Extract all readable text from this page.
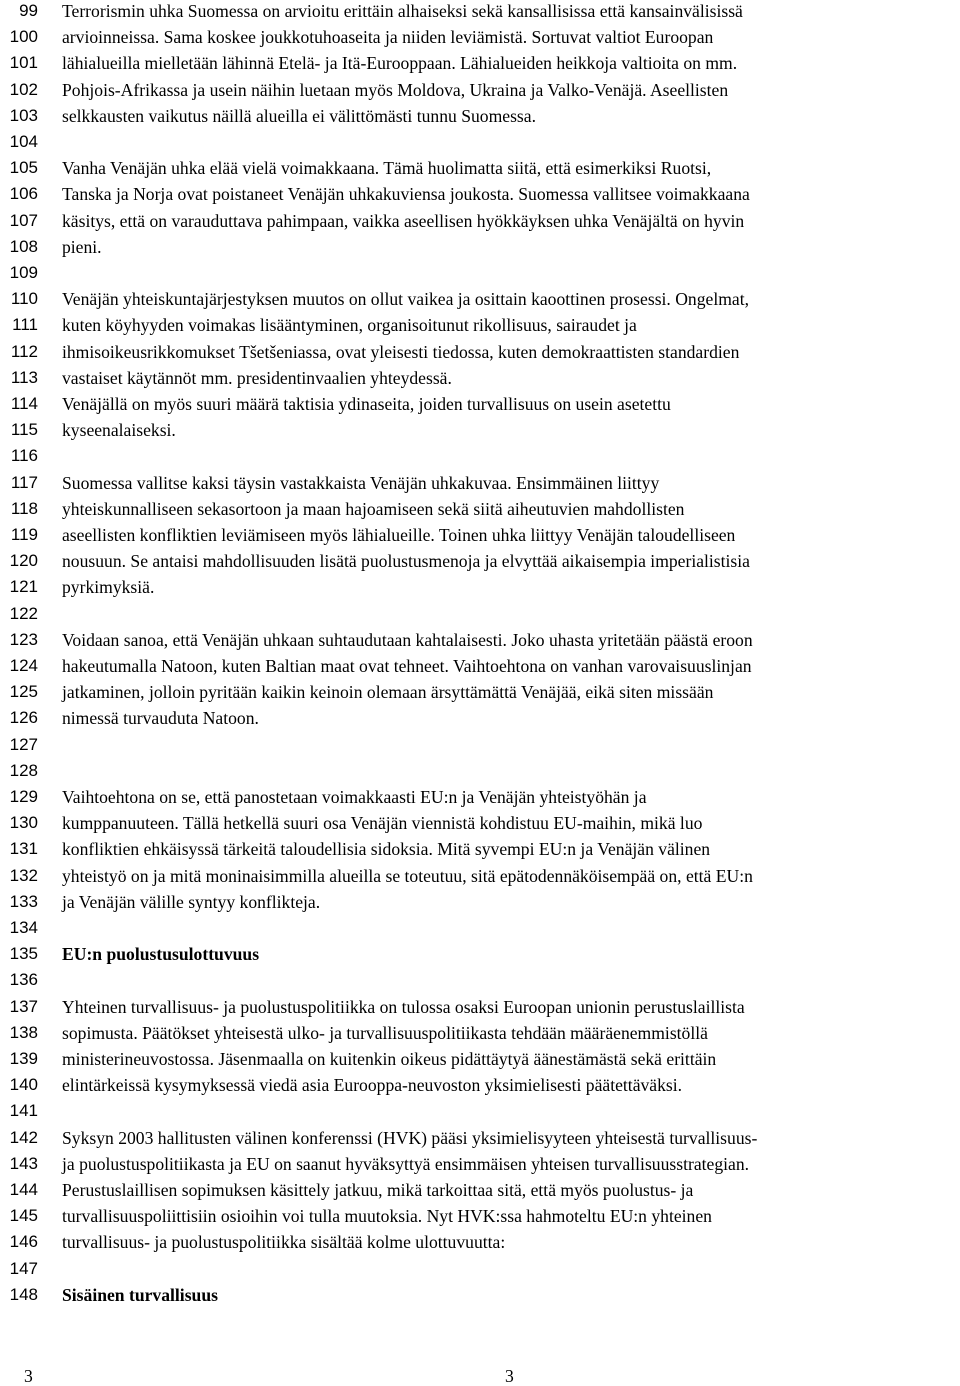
99
100
101
102
103
104
105
106
107
108
109
110
111
112
113
114
115
116
117
118
119
120
121
122
123
124
125
126
127
128
129
130
131
132
133
134
135
136
137
138
139
140
141
142
143
144
145
146
147
148
Terrorismin uhka Suomessa on arvioitu erittäin alhaiseksi sekä kansallisissa että kansainvälisissä
arvioinneissa. Sama koskee joukkotuhoaseita ja niiden leviämistä. Sortuvat valtiot Euroopan
lähialueilla mielletään lähinnä Etelä- ja Itä-Eurooppaan. Lähialueiden heikkoja valtioita on mm.
Pohjois-Afrikassa ja usein näihin luetaan myös Moldova, Ukraina ja Valko-Venäjä. Aseellisten
selkkausten vaikutus näillä alueilla ei välittömästi tunnu Suomessa.
Vanha Venäjän uhka elää vielä voimakkaana. Tämä huolimatta siitä, että esimerkiksi Ruotsi,
Tanska ja Norja ovat poistaneet Venäjän uhkakuviensa joukosta. Suomessa vallitsee voimakkaana
käsitys, että on varauduttava pahimpaan, vaikka aseellisen hyökkäyksen uhka Venäjältä on hyvin
pieni.
Venäjän yhteiskuntajärjestyksen muutos on ollut vaikea ja osittain kaoottinen prosessi. Ongelmat,
kuten köyhyyden voimakas lisääntyminen, organisoitunut rikollisuus, sairaudet ja
ihmisoikeusrikkomukset Tšetšeniassa, ovat yleisesti tiedossa, kuten demokraattisten standardien
vastaiset käytännöt mm. presidentinvaalien yhteydessä.
Venäjällä on myös suuri määrä taktisia ydinaseita, joiden turvallisuus on usein asetettu
kyseenalaiseksi.
Suomessa vallitse kaksi täysin vastakkaista Venäjän uhkakuvaa. Ensimmäinen liittyy
yhteiskunnalliseen sekasortoon ja maan hajoamiseen sekä siitä aiheutuvien mahdollisten
aseellisten konfliktien leviämiseen myös lähialueille. Toinen uhka liittyy Venäjän taloudelliseen
nousuun. Se antaisi mahdollisuuden lisätä puolustusmenoja ja elvyttää aikaisempia imperialistisia
pyrkimyksiä.
Voidaan sanoa, että Venäjän uhkaan suhtaudutaan kahtalaisesti. Joko uhasta yritetään päästä eroon
hakeutumalla Natoon, kuten Baltian maat ovat tehneet. Vaihtoehtona on vanhan varovaisuuslinjan
jatkaminen, jolloin pyritään kaikin keinoin olemaan ärsyttämättä Venäjää, eikä siten missään
nimessä turvauduta Natoon.
Vaihtoehtona on se, että panostetaan voimakkaasti EU:n ja Venäjän yhteistyöhän ja
kumppanuuteen. Tällä hetkellä suuri osa Venäjän viennistä kohdistuu EU-maihin, mikä luo
konfliktien ehkäisyssä tärkeitä taloudellisia sidoksia. Mitä syvempi EU:n ja Venäjän välinen
yhteistyö on ja mitä moninaisimmilla alueilla se toteutuu, sitä epätodennäköisempää on, että EU:n
ja Venäjän välille syntyy konflikteja.
EU:n puolustusulottuvuus
Yhteinen turvallisuus- ja puolustuspolitiikka on tulossa osaksi Euroopan unionin perustuslaillista
sopimusta. Päätökset yhteisestä ulko- ja turvallisuuspolitiikasta tehdään määräenemmistöllä
ministerineuvostossa. Jäsenmaalla on kuitenkin oikeus pidättäytyä äänestämästä sekä erittäin
elintärkeissä kysymyksessä viedä asia Eurooppa-neuvoston yksimielisesti päätettäväksi.
Syksyn 2003 hallitusten välinen konferenssi (HVK) pääsi yksimielisyyteen yhteisestä turvallisuus-
ja puolustuspolitiikasta ja EU on saanut hyväksyttyä ensimmäisen yhteisen turvallisuusstrategian.
Perustuslaillisen sopimuksen käsittely jatkuu, mikä tarkoittaa sitä, että myös puolustus- ja
turvallisuuspoliittisiin osioihin voi tulla muutoksia. Nyt HVK:ssa hahmoteltu EU:n yhteinen
turvallisuus- ja puolustuspolitiikka sisältää kolme ulottuvuutta:
Sisäinen turvallisuus
3	3
